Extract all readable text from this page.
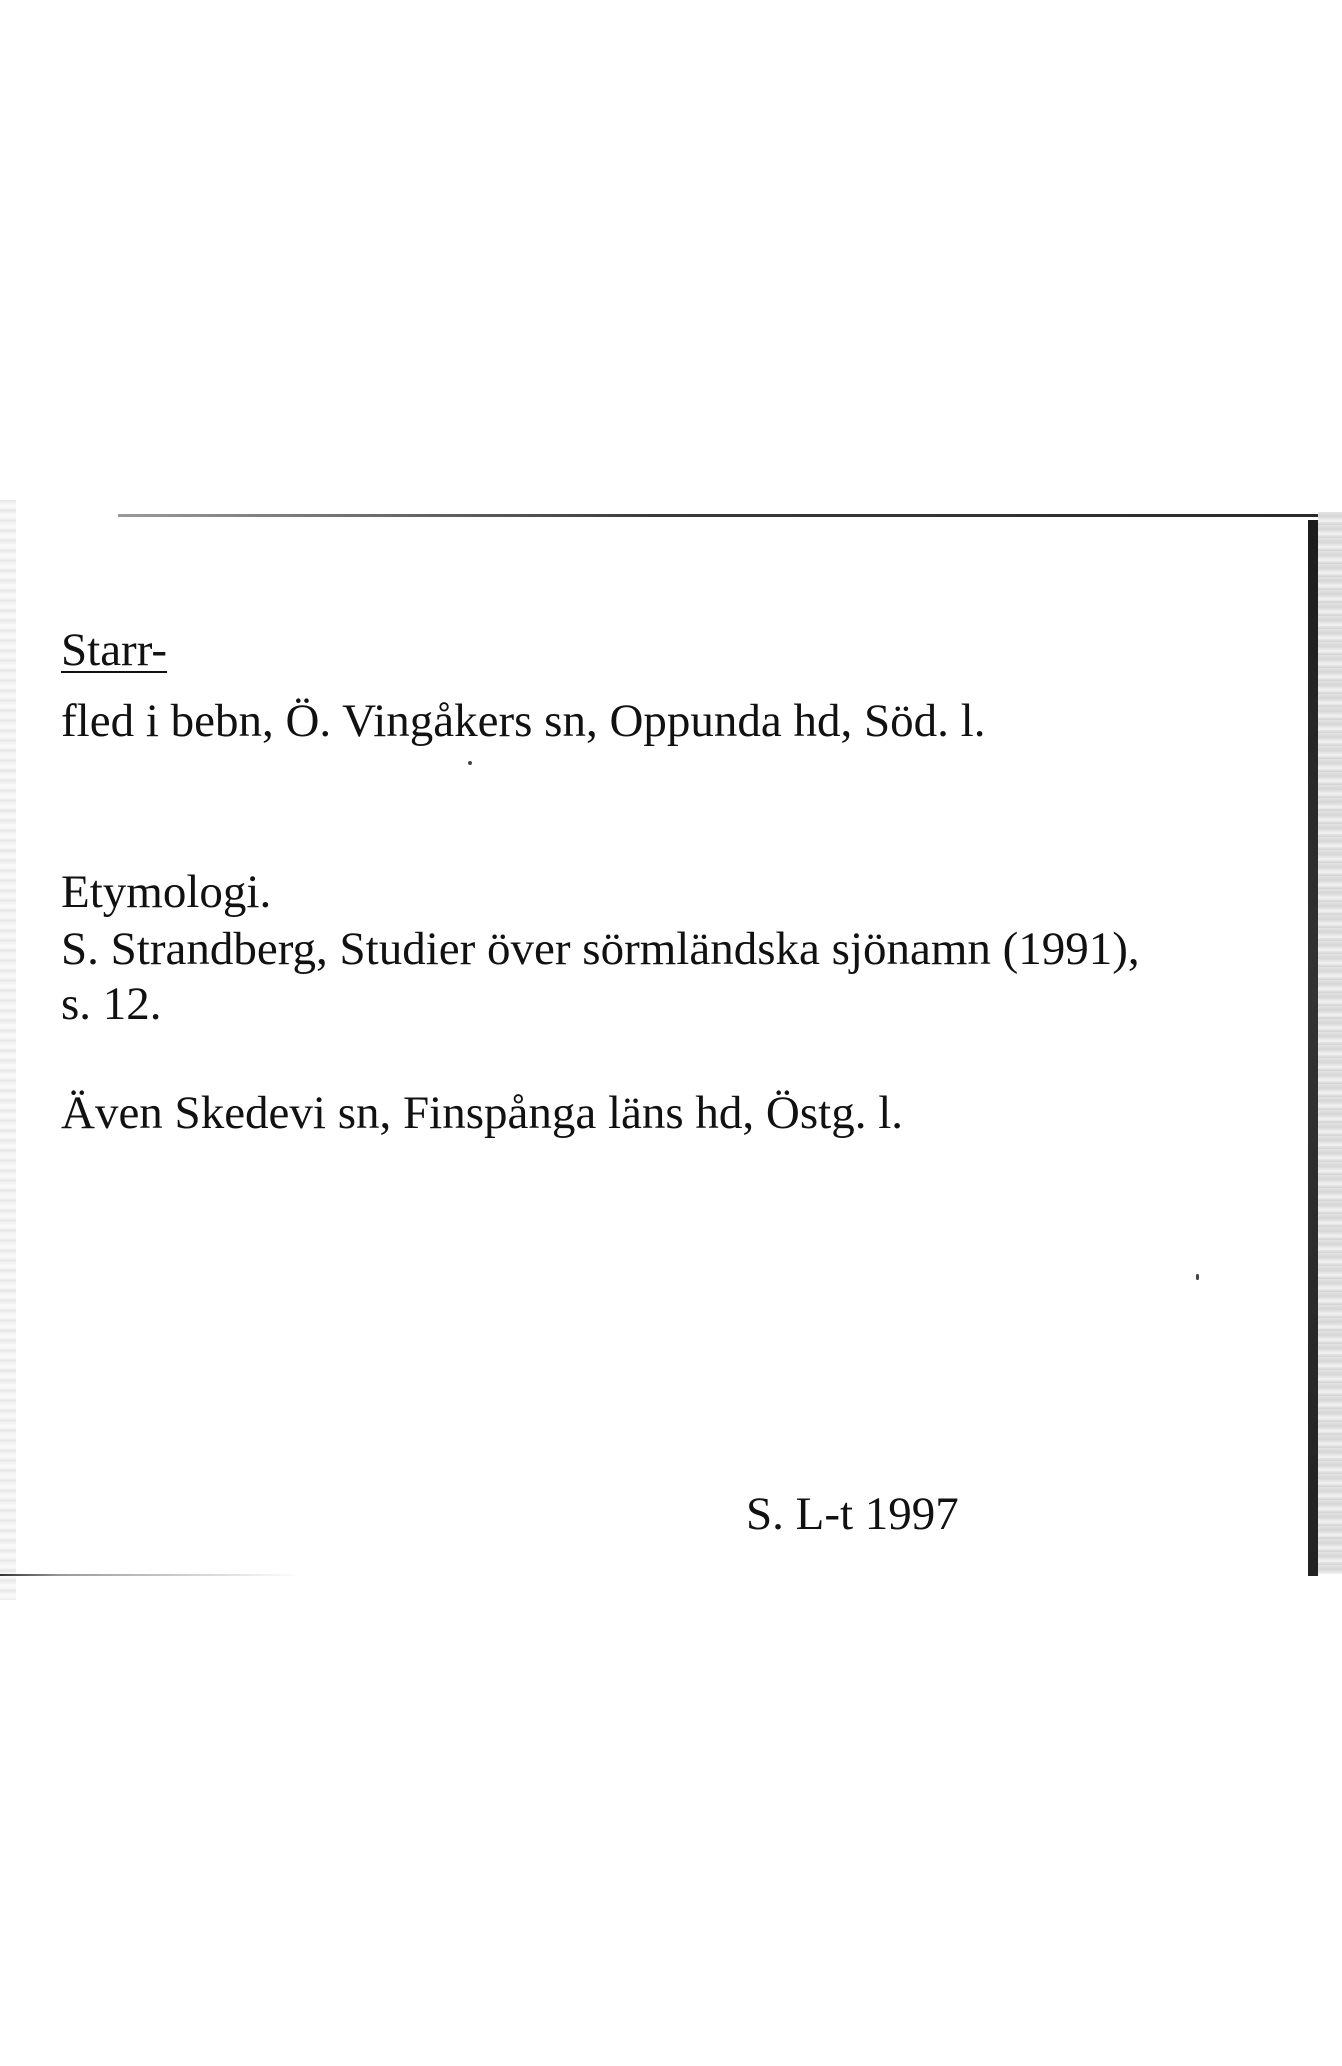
Starr-
fled i bebn, Ö. Vingåkers sn, Oppunda hd, Söd. l.
Etymologi.
S. Strandberg, Studier över sörmländska sjönamn (1991),
s. 12.
Även Skedevi sn, Finspånga läns hd, Östg. l.
S. L-t 1997
